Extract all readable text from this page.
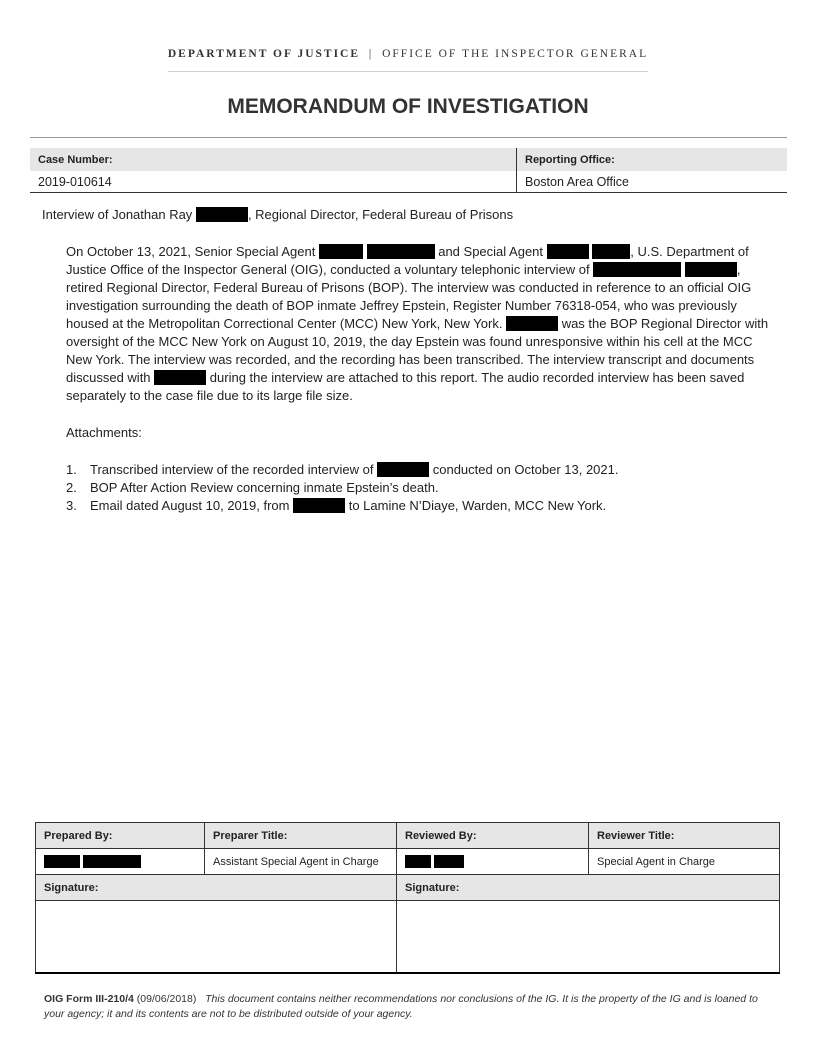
DEPARTMENT OF JUSTICE | OFFICE OF THE INSPECTOR GENERAL
MEMORANDUM OF INVESTIGATION
Case Number:	Reporting Office:
2019-010614	Boston Area Office
Interview of Jonathan Ray	, Regional Director, Federal Bureau of Prisons
On October 13, 2021, Senior Special Agent	and Special Agent	, U.S. Department of Justice Office of the Inspector General (OIG), conducted a voluntary telephonic interview of	, retired Regional Director, Federal Bureau of Prisons (BOP). The interview was conducted in reference to an official OIG investigation surrounding the death of BOP inmate Jeffrey Epstein, Register Number 76318-054, who was previously housed at the Metropolitan Correctional Center (MCC) New York, New York.	was the BOP Regional Director with oversight of the MCC New York on August 10, 2019, the day Epstein was found unresponsive within his cell at the MCC New York. The interview was recorded, and the recording has been transcribed. The interview transcript and documents discussed with	during the interview are attached to this report. The audio recorded interview has been saved separately to the case file due to its large file size.
Attachments:
1.	Transcribed interview of the recorded interview of	conducted on October 13, 2021.
2.	BOP After Action Review concerning inmate Epstein’s death.
3.	Email dated August 10, 2019, from	to Lamine N’Diaye, Warden, MCC New York.
Prepared By:	Preparer Title:	Reviewed By:	Reviewer Title:
	Assistant Special Agent in Charge		Special Agent in Charge
Signature:		Signature:	

OIG Form III-210/4 (09/06/2018) This document contains neither recommendations nor conclusions of the IG. It is the property of the IG and is loaned to your agency; it and its contents are not to be distributed outside of your agency.
